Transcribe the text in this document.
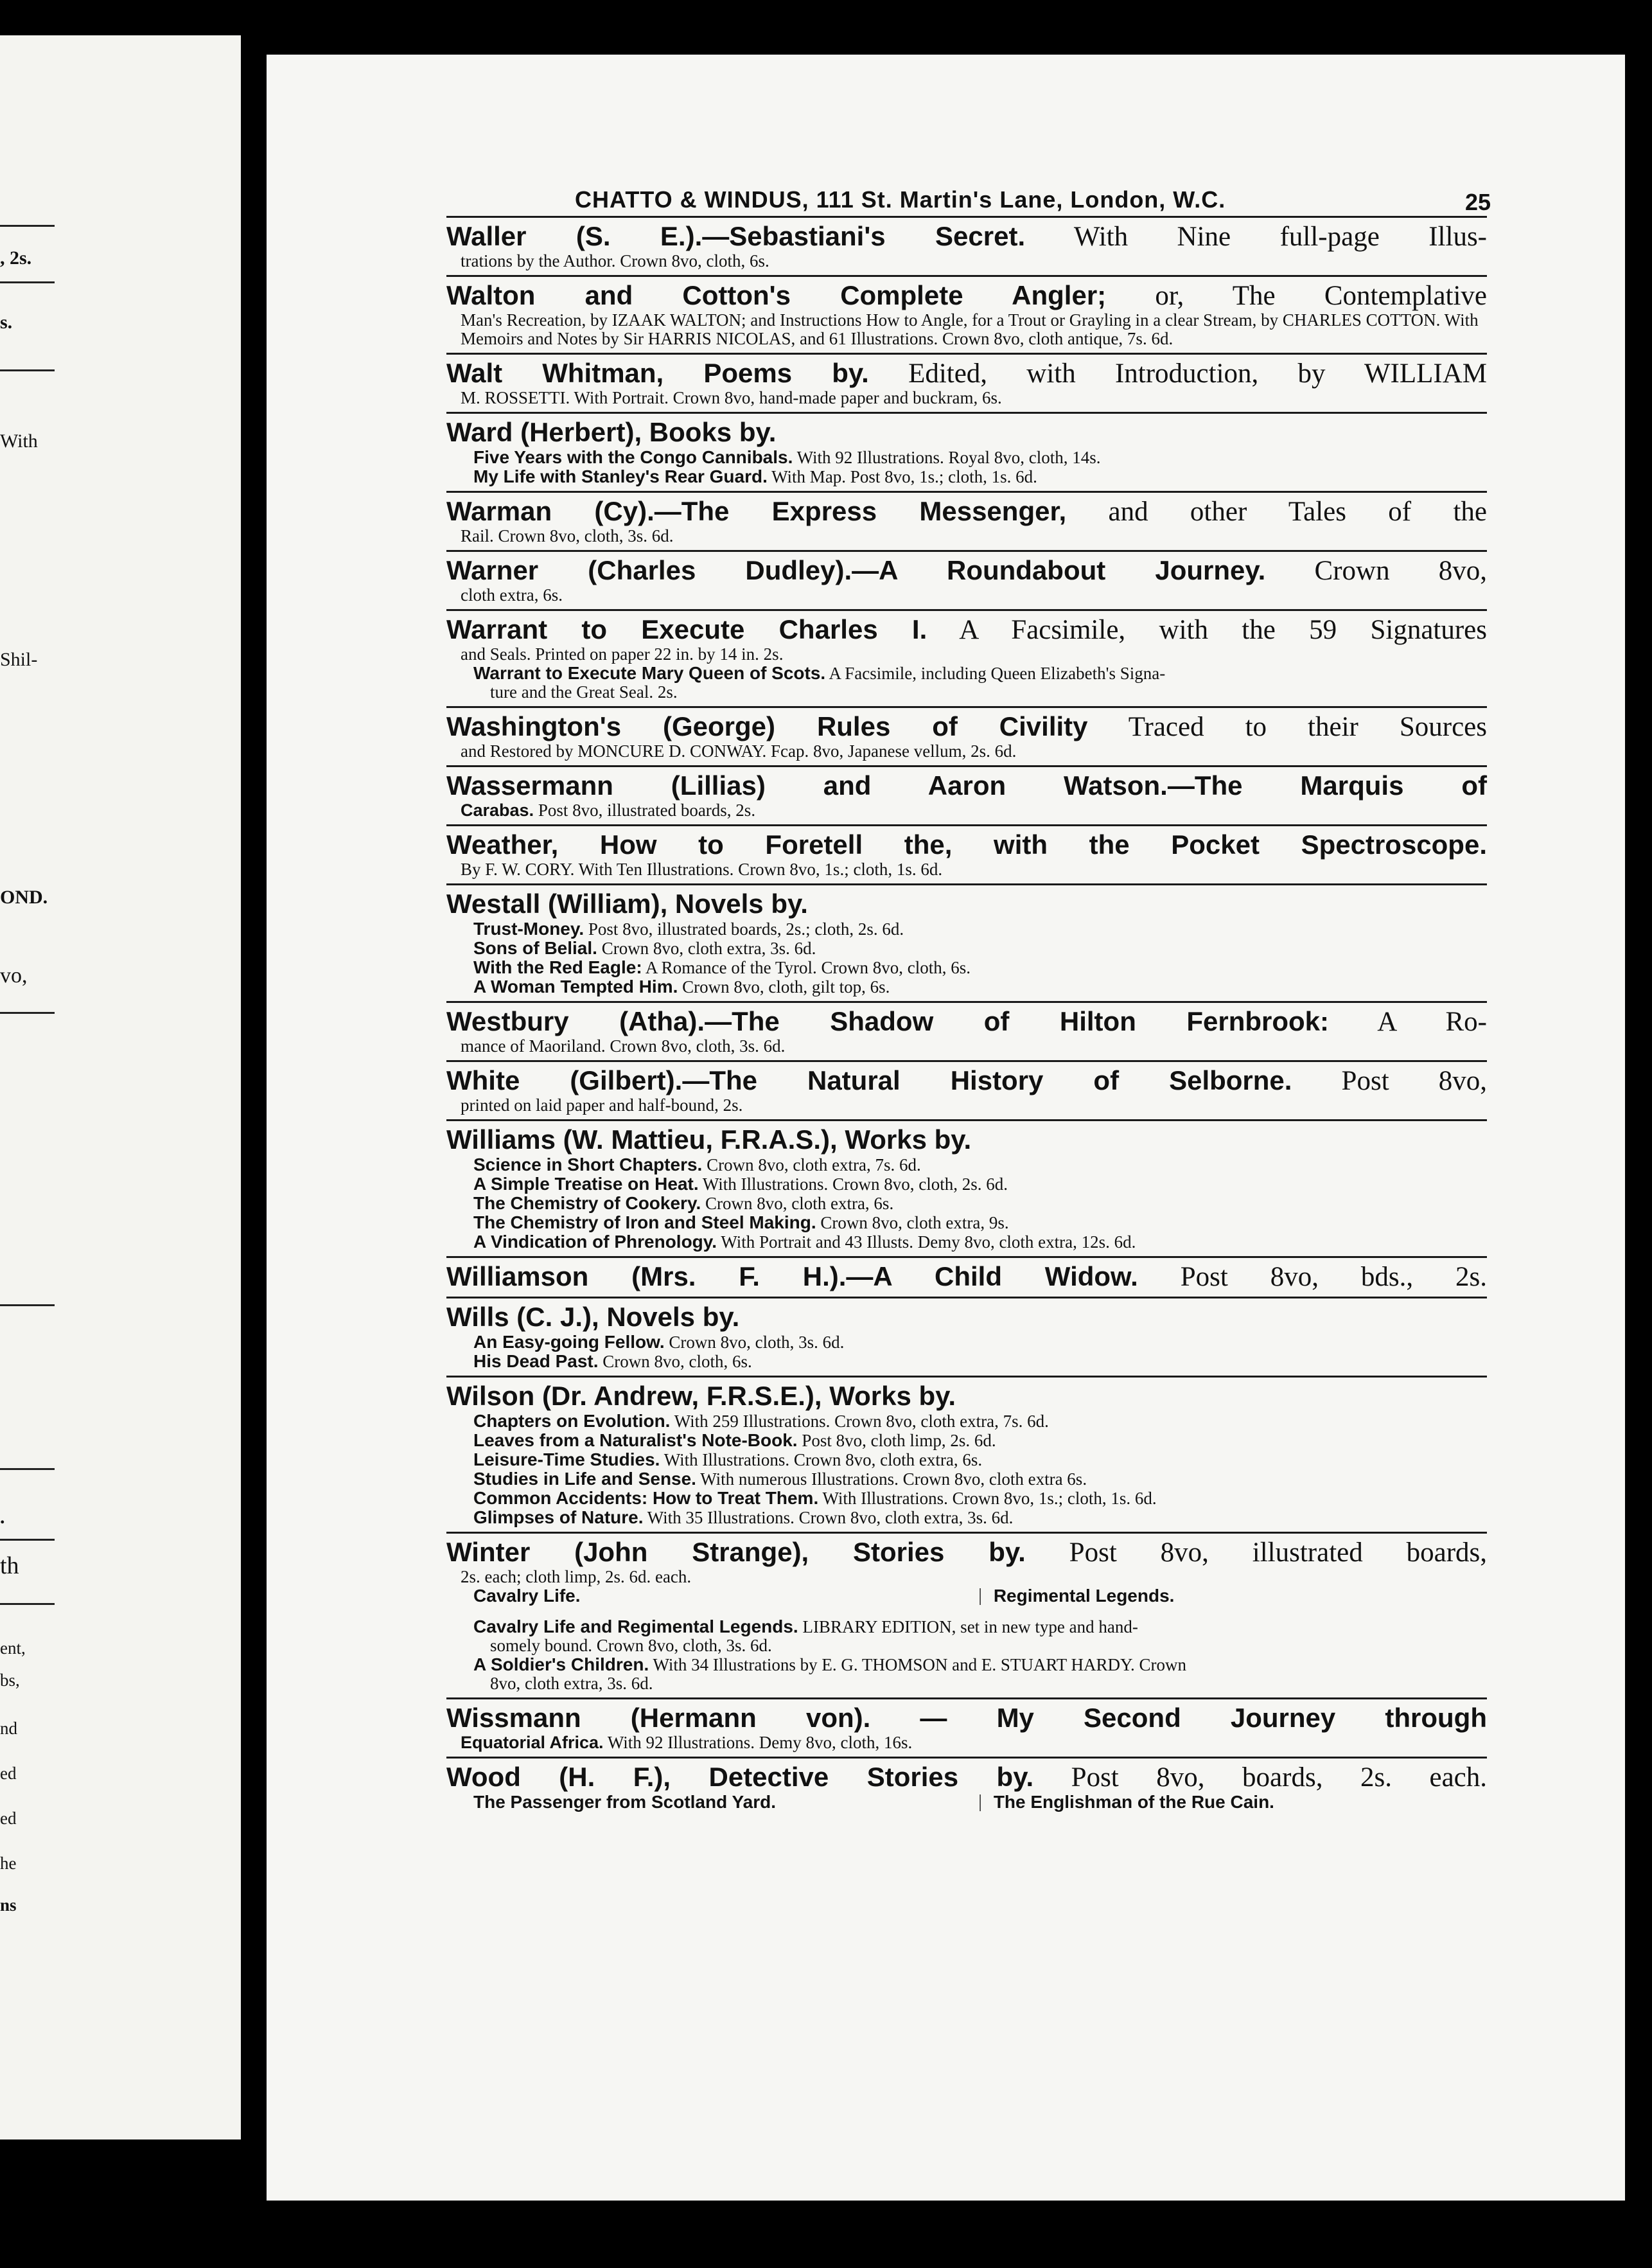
, 2s.
s.
With
Shil-
OND.
vo,
.
th
ent,
bs,
nd
ed
ed
he
ns
CHATTO & WINDUS, 111 St. Martin's Lane, London, W.C.	25
Waller (S. E.).—Sebastiani's Secret. With Nine full-page Illus-
trations by the Author. Crown 8vo, cloth, 6s.
Walton and Cotton's Complete Angler; or, The Contemplative
Man's Recreation, by IZAAK WALTON; and Instructions How to Angle, for a Trout or Grayling in a clear Stream, by CHARLES COTTON. With Memoirs and Notes by Sir HARRIS NICOLAS, and 61 Illustrations. Crown 8vo, cloth antique, 7s. 6d.
Walt Whitman, Poems by. Edited, with Introduction, by WILLIAM
M. ROSSETTI. With Portrait. Crown 8vo, hand-made paper and buckram, 6s.
Ward (Herbert), Books by.
Five Years with the Congo Cannibals. With 92 Illustrations. Royal 8vo, cloth, 14s.
My Life with Stanley's Rear Guard. With Map. Post 8vo, 1s.; cloth, 1s. 6d.
Warman (Cy).—The Express Messenger, and other Tales of the
Rail. Crown 8vo, cloth, 3s. 6d.
Warner (Charles Dudley).—A Roundabout Journey. Crown 8vo,
cloth extra, 6s.
Warrant to Execute Charles I. A Facsimile, with the 59 Signatures
and Seals. Printed on paper 22 in. by 14 in. 2s.
Warrant to Execute Mary Queen of Scots. A Facsimile, including Queen Elizabeth's Signa-
ture and the Great Seal. 2s.
Washington's (George) Rules of Civility Traced to their Sources
and Restored by MONCURE D. CONWAY. Fcap. 8vo, Japanese vellum, 2s. 6d.
Wassermann (Lillias) and Aaron Watson.—The Marquis of
Carabas. Post 8vo, illustrated boards, 2s.
Weather, How to Foretell the, with the Pocket Spectroscope.
By F. W. CORY. With Ten Illustrations. Crown 8vo, 1s.; cloth, 1s. 6d.
Westall (William), Novels by.
Trust-Money. Post 8vo, illustrated boards, 2s.; cloth, 2s. 6d.
Sons of Belial. Crown 8vo, cloth extra, 3s. 6d.
With the Red Eagle: A Romance of the Tyrol. Crown 8vo, cloth, 6s.
A Woman Tempted Him. Crown 8vo, cloth, gilt top, 6s.
Westbury (Atha).—The Shadow of Hilton Fernbrook: A Ro-
mance of Maoriland. Crown 8vo, cloth, 3s. 6d.
White (Gilbert).—The Natural History of Selborne. Post 8vo,
printed on laid paper and half-bound, 2s.
Williams (W. Mattieu, F.R.A.S.), Works by.
Science in Short Chapters. Crown 8vo, cloth extra, 7s. 6d.
A Simple Treatise on Heat. With Illustrations. Crown 8vo, cloth, 2s. 6d.
The Chemistry of Cookery. Crown 8vo, cloth extra, 6s.
The Chemistry of Iron and Steel Making. Crown 8vo, cloth extra, 9s.
A Vindication of Phrenology. With Portrait and 43 Illusts. Demy 8vo, cloth extra, 12s. 6d.
Williamson (Mrs. F. H.).—A Child Widow. Post 8vo, bds., 2s.
Wills (C. J.), Novels by.
An Easy-going Fellow. Crown 8vo, cloth, 3s. 6d.
His Dead Past. Crown 8vo, cloth, 6s.
Wilson (Dr. Andrew, F.R.S.E.), Works by.
Chapters on Evolution. With 259 Illustrations. Crown 8vo, cloth extra, 7s. 6d.
Leaves from a Naturalist's Note-Book. Post 8vo, cloth limp, 2s. 6d.
Leisure-Time Studies. With Illustrations. Crown 8vo, cloth extra, 6s.
Studies in Life and Sense. With numerous Illustrations. Crown 8vo, cloth extra 6s.
Common Accidents: How to Treat Them. With Illustrations. Crown 8vo, 1s.; cloth, 1s. 6d.
Glimpses of Nature. With 35 Illustrations. Crown 8vo, cloth extra, 3s. 6d.
Winter (John Strange), Stories by. Post 8vo, illustrated boards,
2s. each; cloth limp, 2s. 6d. each.
Cavalry Life.	| Regimental Legends.
Cavalry Life and Regimental Legends. LIBRARY EDITION, set in new type and hand-
somely bound. Crown 8vo, cloth, 3s. 6d.
A Soldier's Children. With 34 Illustrations by E. G. THOMSON and E. STUART HARDY. Crown
8vo, cloth extra, 3s. 6d.
Wissmann (Hermann von). — My Second Journey through
Equatorial Africa. With 92 Illustrations. Demy 8vo, cloth, 16s.
Wood (H. F.), Detective Stories by. Post 8vo, boards, 2s. each.
The Passenger from Scotland Yard.	| The Englishman of the Rue Cain.
